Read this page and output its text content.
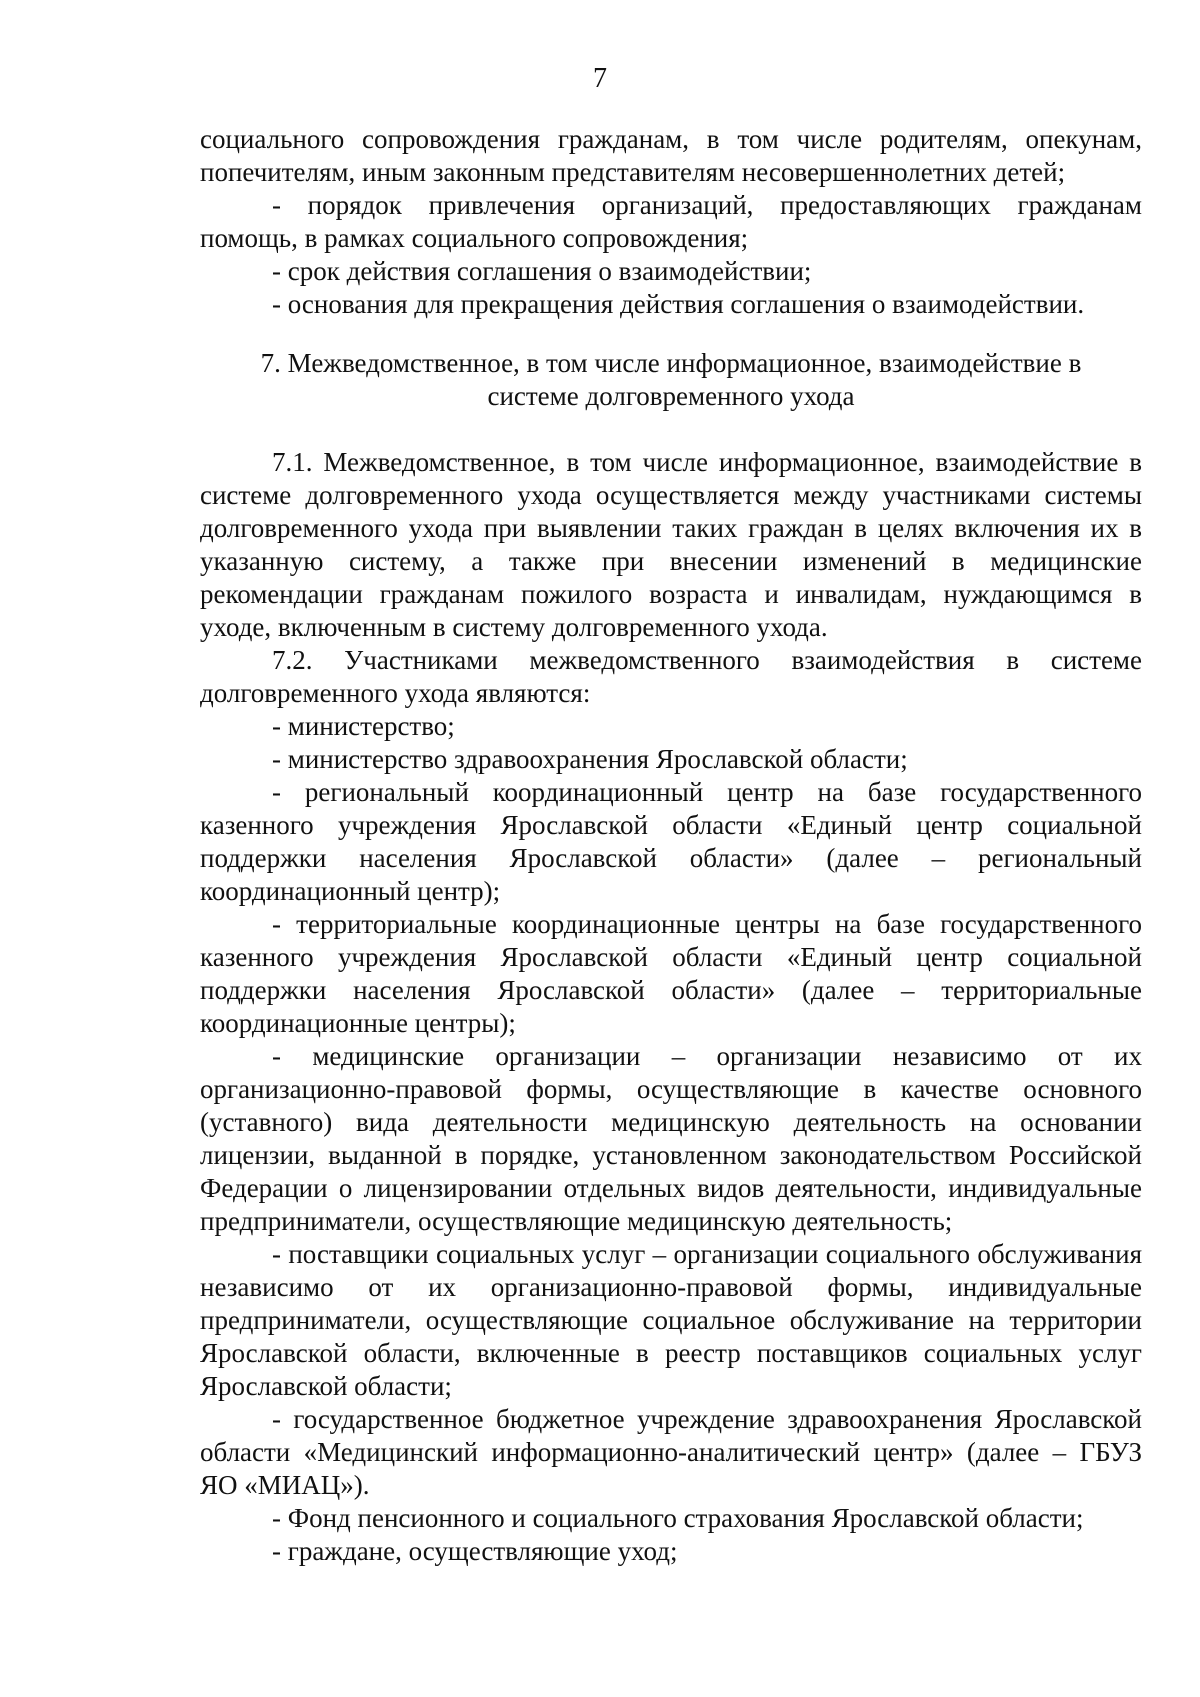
7

социального сопровождения гражданам, в том числе родителям, опекунам, попечителям, иным законным представителям несовершеннолетних детей;

- порядок привлечения организаций, предоставляющих гражданам помощь, в рамках социального сопровождения;

- срок действия соглашения о взаимодействии;

- основания для прекращения действия соглашения о взаимодействии.

7. Межведомственное, в том числе информационное, взаимодействие в системе долговременного ухода

7.1. Межведомственное, в том числе информационное, взаимодействие в системе долговременного ухода осуществляется между участниками системы долговременного ухода при выявлении таких граждан в целях включения их в указанную систему, а также при внесении изменений в медицинские рекомендации гражданам пожилого возраста и инвалидам, нуждающимся в уходе, включенным в систему долговременного ухода.

7.2. Участниками межведомственного взаимодействия в системе долговременного ухода являются:

- министерство;

- министерство здравоохранения Ярославской области;

- региональный координационный центр на базе государственного казенного учреждения Ярославской области «Единый центр социальной поддержки населения Ярославской области» (далее – региональный координационный центр);

- территориальные координационные центры на базе государственного казенного учреждения Ярославской области «Единый центр социальной поддержки населения Ярославской области» (далее – территориальные координационные центры);

- медицинские организации – организации независимо от их организационно-правовой формы, осуществляющие в качестве основного (уставного) вида деятельности медицинскую деятельность на основании лицензии, выданной в порядке, установленном законодательством Российской Федерации о лицензировании отдельных видов деятельности, индивидуальные предприниматели, осуществляющие медицинскую деятельность;

- поставщики социальных услуг – организации социального обслуживания независимо от их организационно-правовой формы, индивидуальные предприниматели, осуществляющие социальное обслуживание на территории Ярославской области, включенные в реестр поставщиков социальных услуг Ярославской области;

- государственное бюджетное учреждение здравоохранения Ярославской области «Медицинский информационно-аналитический центр» (далее – ГБУЗ ЯО «МИАЦ»).

- Фонд пенсионного и социального страхования Ярославской области;

- граждане, осуществляющие уход;
